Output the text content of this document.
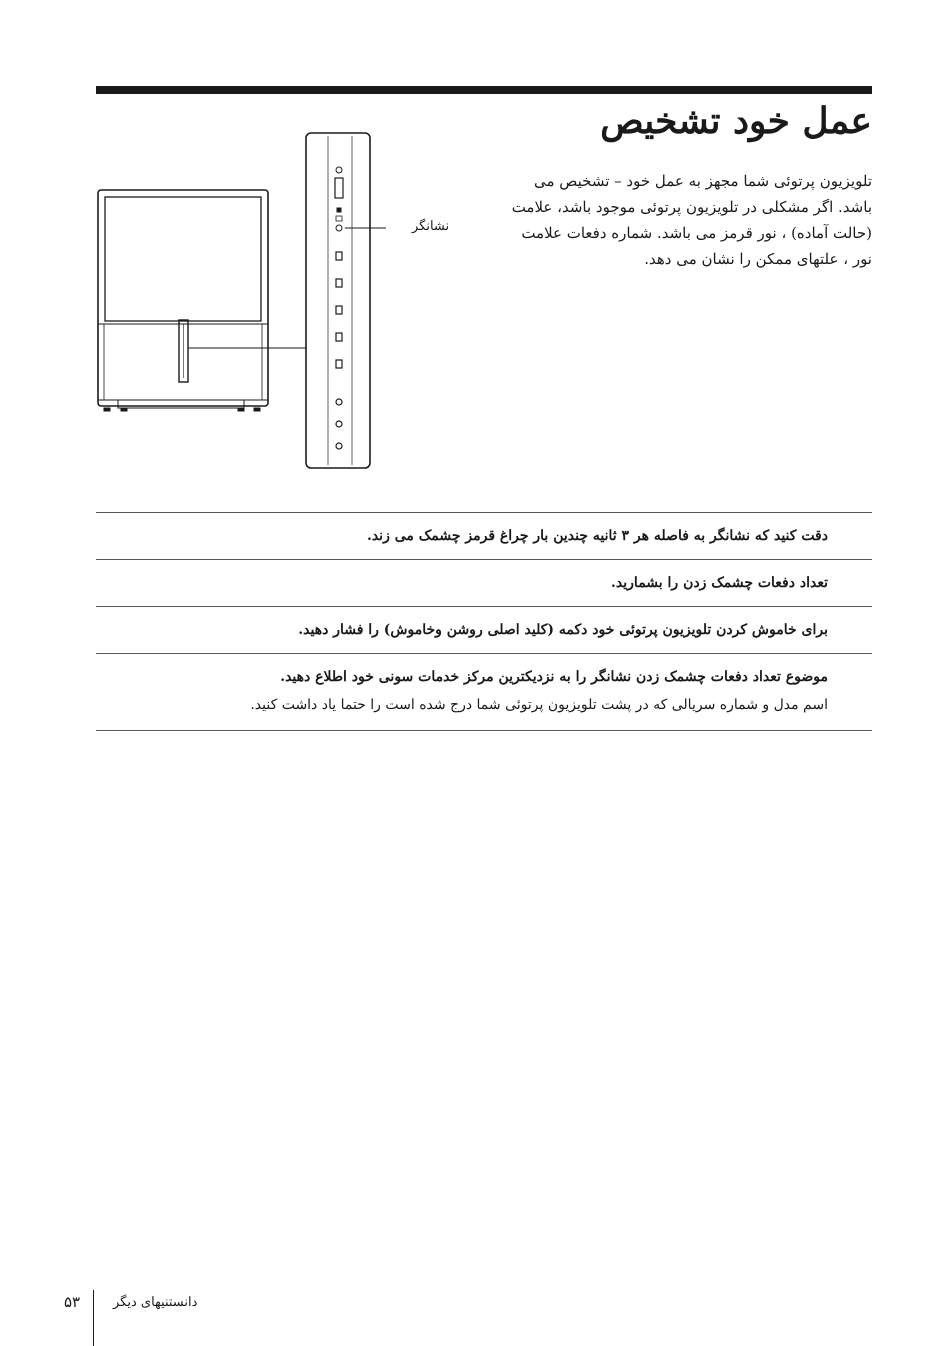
عمل خود تشخیص

تلویزیون پرتوئی شما مجهز به عمل خود – تشخیص می

باشد. اگر مشکلی در تلویزیون پرتوئی موجود باشد، علامت

(حالت آماده) ، نور قرمز می باشد. شماره دفعات علامت

نور ، علتهای ممکن را نشان می دهد.

نشانگر

دقت کنید که نشانگر به فاصله هر ۳ ثانیه چندین بار چراغ قرمز چشمک می زند.

تعداد دفعات چشمک زدن را بشمارید.

برای خاموش کردن تلویزیون پرتوئی خود دکمه (کلید اصلی روشن وخاموش) را فشار دهید.

موضوع تعداد دفعات چشمک زدن نشانگر را به نزدیکترین مرکز خدمات سونی خود اطلاع دهید.

اسم مدل و شماره سریالی که در پشت تلویزیون پرتوئی شما درج شده است را حتما یاد داشت کنید.

۵۳	دانستنیهای دیگر
